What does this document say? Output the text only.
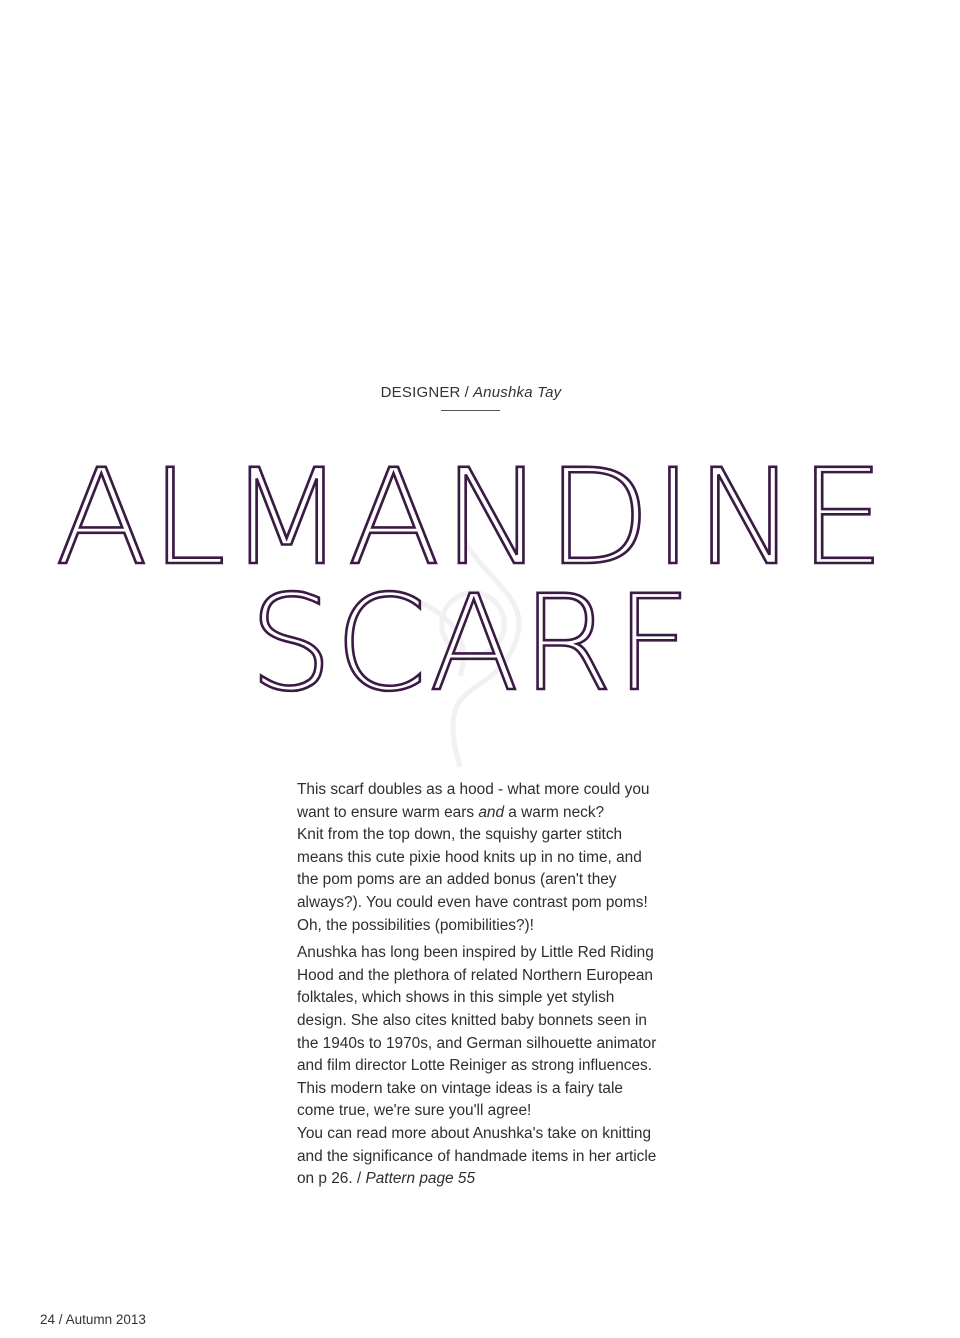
DESIGNER / Anushka Tay
ALMANDINE
SCARF

This scarf doubles as a hood - what more could you want to ensure warm ears and a warm neck?

Knit from the top down, the squishy garter stitch means this cute pixie hood knits up in no time, and the pom poms are an added bonus (aren't they always?). You could even have contrast pom poms! Oh, the possibilities (pomibilities?)!

Anushka has long been inspired by Little Red Riding Hood and the plethora of related Northern European folktales, which shows in this simple yet stylish design. She also cites knitted baby bonnets seen in the 1940s to 1970s, and German silhouette animator and film director Lotte Reiniger as strong influences. This modern take on vintage ideas is a fairy tale come true, we're sure you'll agree!

You can read more about Anushka's take on knitting and the significance of handmade items in her article on p 26. / Pattern page 55

24 / Autumn 2013
